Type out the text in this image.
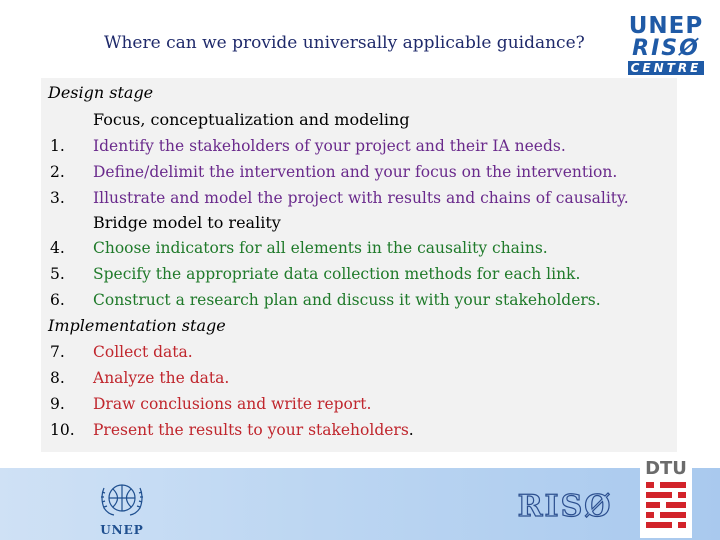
Where can we provide universally applicable guidance?
UNEP
RISØ
CENTRE
Design stage
Focus, conceptualization and modeling
1. Identify the stakeholders of your project and their IA needs.
2. Define/delimit the intervention and your focus on the intervention.
3. Illustrate and model the project with results and chains of causality.
Bridge model to reality
4. Choose indicators for all elements in the causality chains.
5. Specify the appropriate data collection methods for each link.
6. Construct a research plan and discuss it with your stakeholders.
Implementation stage
7. Collect data.
8. Analyze the data.
9. Draw conclusions and write report.
10. Present the results to your stakeholders.
UNEP
RISØ
DTU
